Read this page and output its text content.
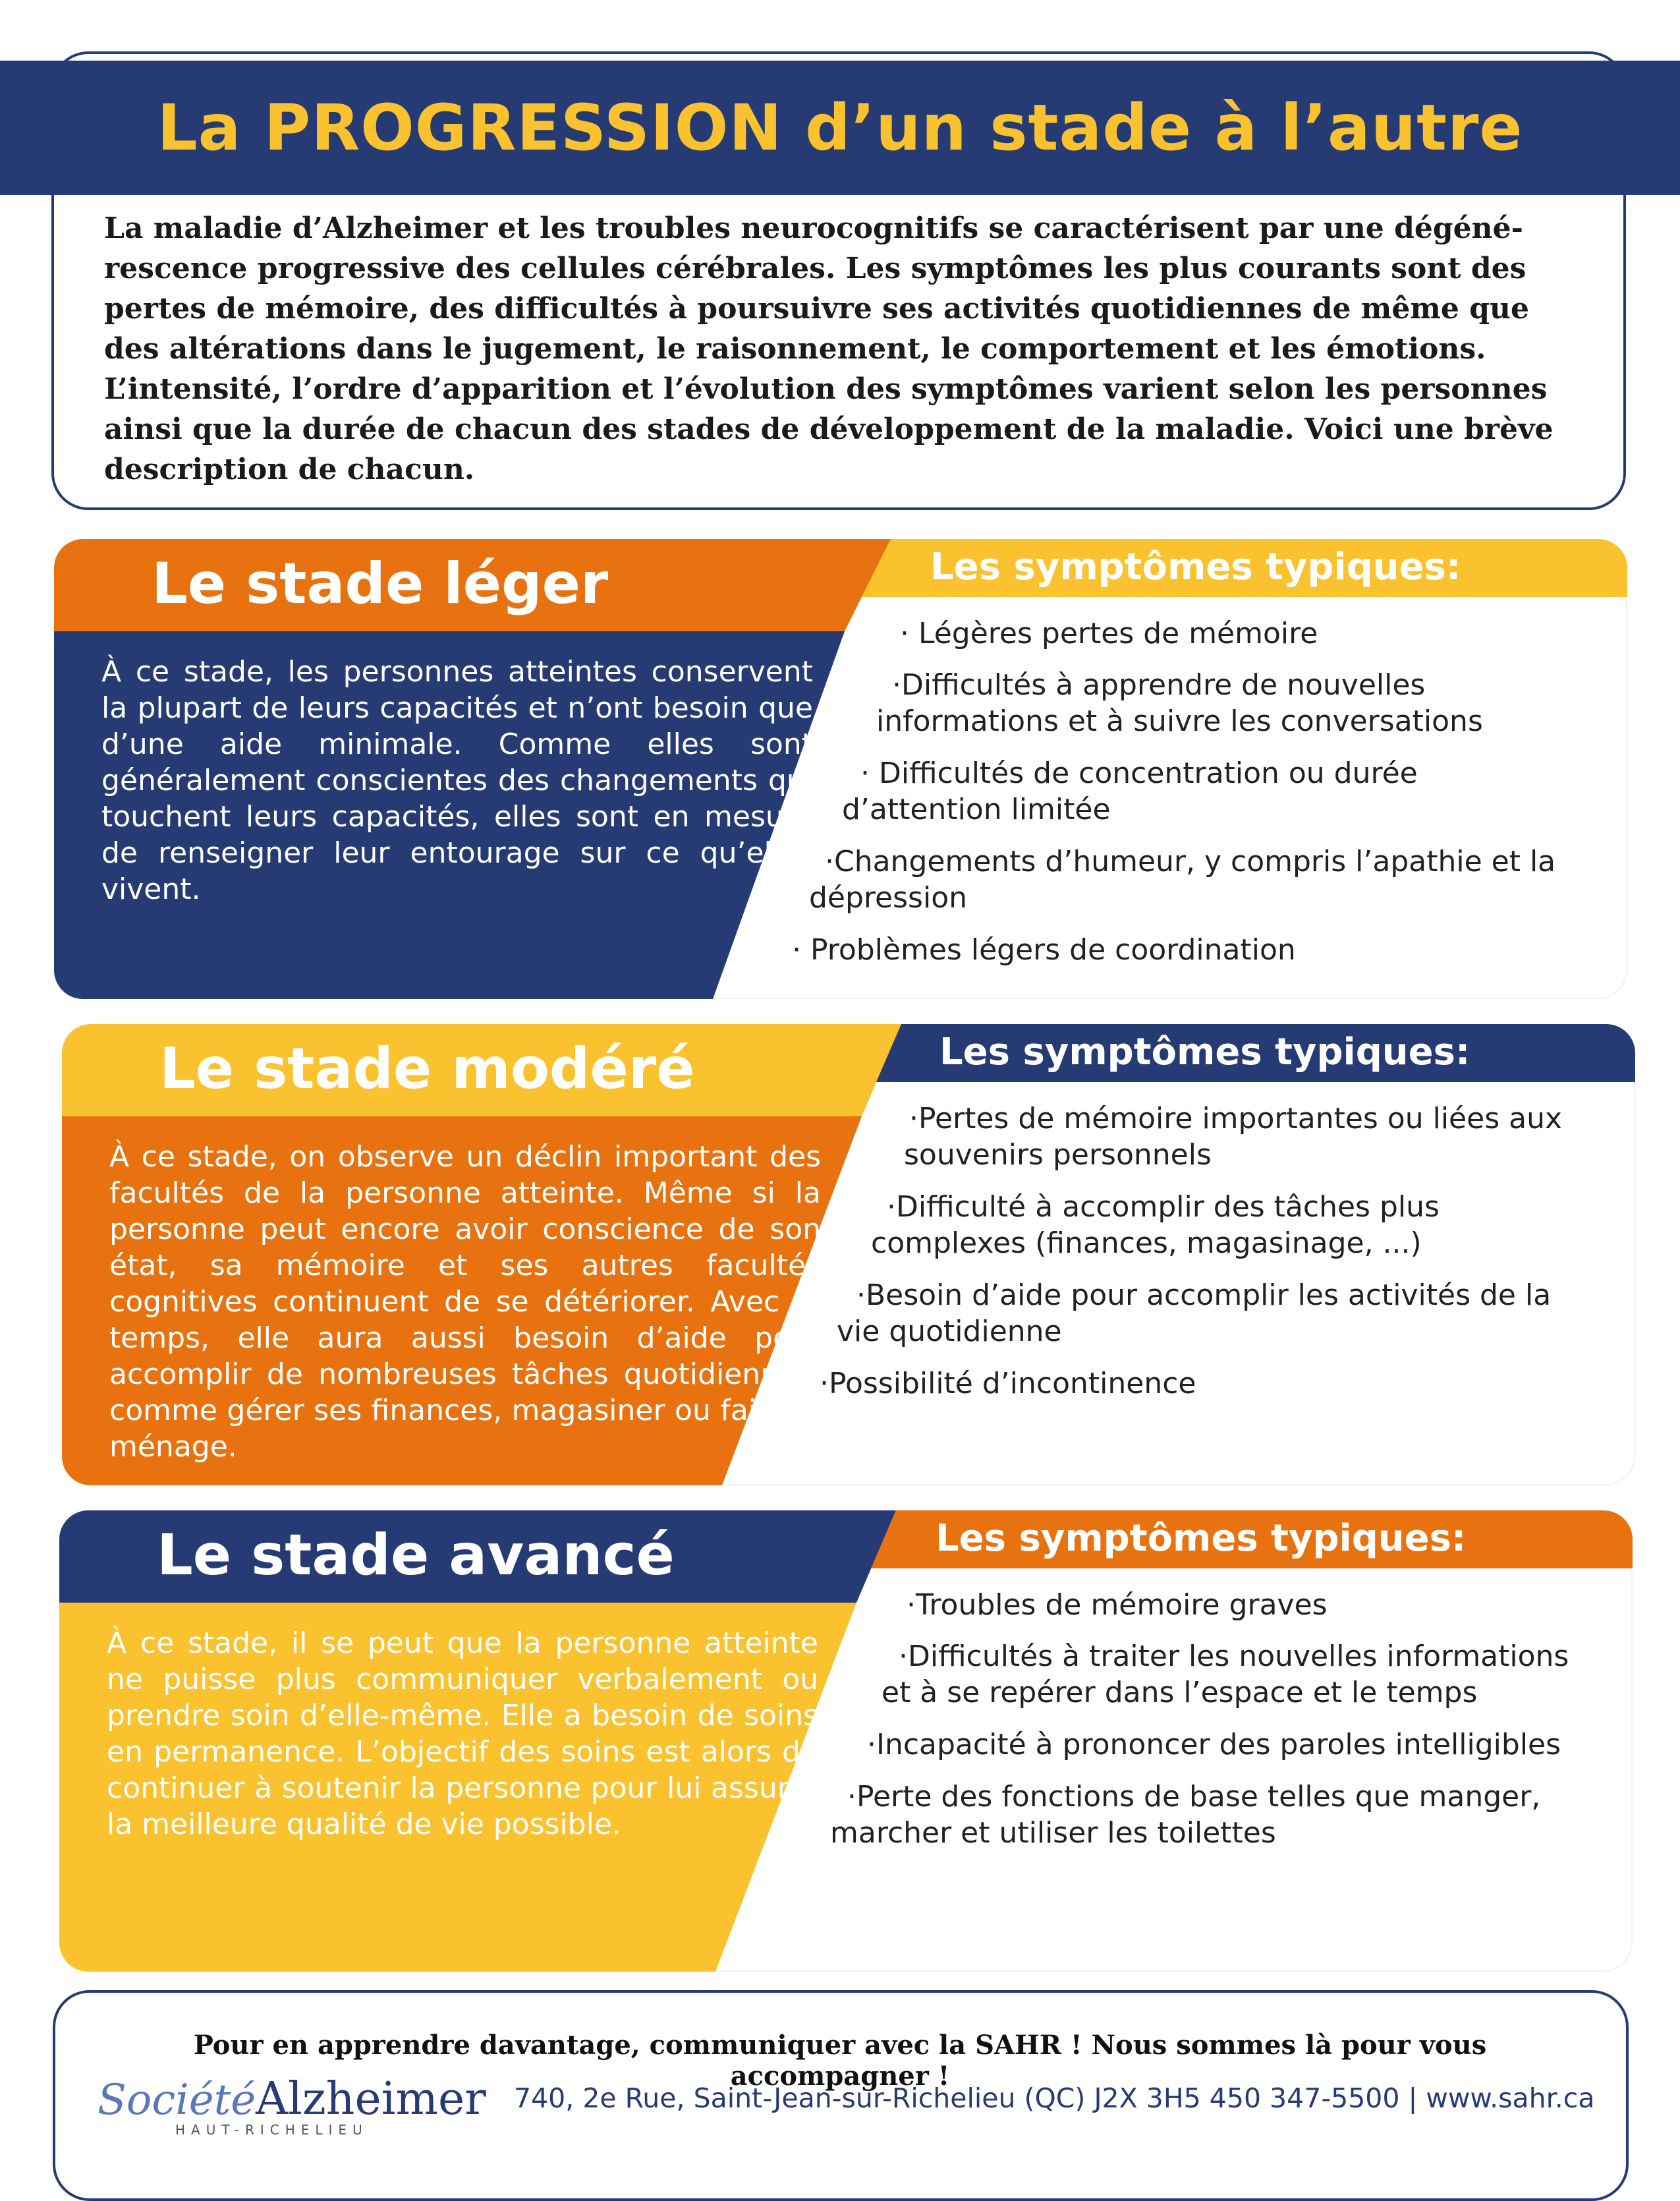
La PROGRESSION d’un stade à l’autre

La maladie d’Alzheimer et les troubles neurocognitifs se caractérisent par une dégéné-rescence progressive des cellules cérébrales. Les symptômes les plus courants sont des pertes de mémoire, des difficultés à poursuivre ses activités quotidiennes de même que des altérations dans le jugement, le raisonnement, le comportement et les émotions. L’intensité, l’ordre d’apparition et l’évolution des symptômes varient selon les personnes ainsi que la durée de chacun des stades de développement de la maladie. Voici une brève description de chacun.

Le stade léger

À ce stade, les personnes atteintes conservent la plupart de leurs capacités et n’ont besoin que d’une aide minimale. Comme elles sont généralement conscientes des changements qui touchent leurs capacités, elles sont en mesure de renseigner leur entourage sur ce qu’elles vivent.

Les symptômes typiques:
· Légères pertes de mémoire
·Difficultés à apprendre de nouvelles
informations et à suivre les conversations
· Difficultés de concentration ou durée
d’attention limitée
·Changements d’humeur, y compris l’apathie et la
dépression
· Problèmes légers de coordination
Le stade modéré

À ce stade, on observe un déclin important des facultés de la personne atteinte. Même si la personne peut encore avoir conscience de son état, sa mémoire et ses autres facultés cognitives continuent de se détériorer. Avec le temps, elle aura aussi besoin d’aide pour accomplir de nombreuses tâches quotidiennes, comme gérer ses finances, magasiner ou faire le ménage.

Les symptômes typiques:
·Pertes de mémoire importantes ou liées aux
souvenirs personnels
·Difficulté à accomplir des tâches plus
complexes (finances, magasinage, ...)
·Besoin d’aide pour accomplir les activités de la
vie quotidienne
·Possibilité d’incontinence
Le stade avancé

À ce stade, il se peut que la personne atteinte ne puisse plus communiquer verbalement ou prendre soin d’elle-même. Elle a besoin de soins en permanence. L’objectif des soins est alors de continuer à soutenir la personne pour lui assurer la meilleure qualité de vie possible.

Les symptômes typiques:
·Troubles de mémoire graves
·Difficultés à traiter les nouvelles informations
et à se repérer dans l’espace et le temps
·Incapacité à prononcer des paroles intelligibles
·Perte des fonctions de base telles que manger,
marcher et utiliser les toilettes

Pour en apprendre davantage, communiquer avec la SAHR ! Nous sommes là pour vous accompagner !

Société Alzheimer

HAUT-RICHELIEU

740, 2e Rue, Saint-Jean-sur-Richelieu (QC) J2X 3H5 450 347-5500 | www.sahr.ca
